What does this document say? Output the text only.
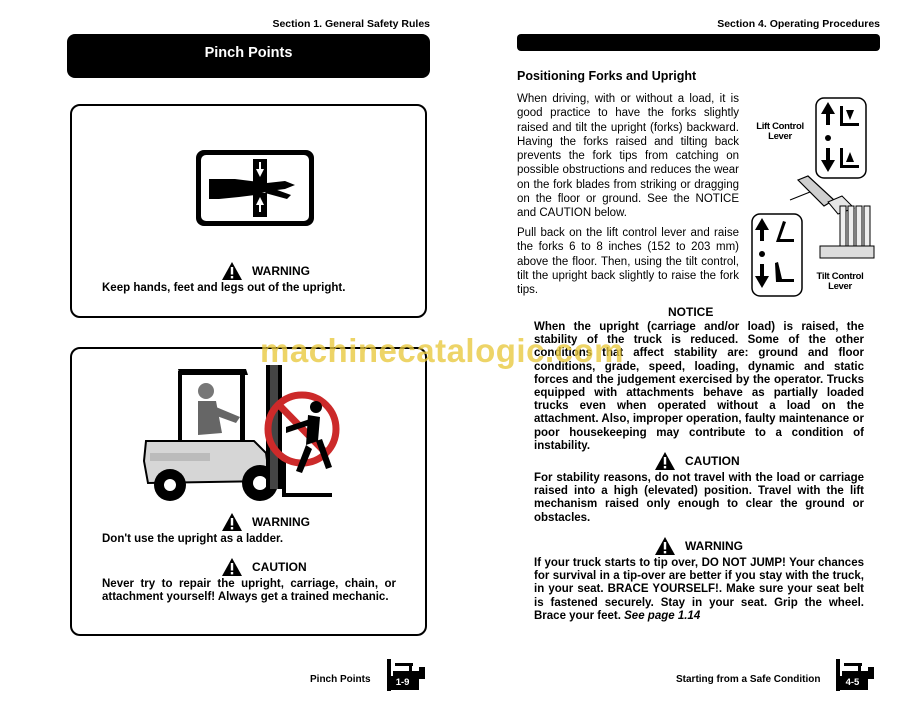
Section 1. General Safety Rules
Pinch Points
WARNING
Keep hands, feet and legs out of the upright.
WARNING
Don't use the upright as a ladder.
CAUTION
Never try to repair the upright, carriage, chain, or attachment yourself! Always get a trained mechanic.
Pinch Points	1-9
Section 4. Operating Procedures
Positioning Forks and Upright
When driving, with or without a load, it is good practice to have the forks slightly raised and tilt the upright (forks) backward. Having the forks raised and tilting back prevents the fork tips from catching on possible obstructions and reduces the wear on the fork blades from striking or dragging on the floor or ground. See the NOTICE and CAUTION below.
Pull back on the lift control lever and raise the forks 6 to 8 inches (152 to 203 mm) above the floor. Then, using the tilt control, tilt the upright back slightly to raise the fork tips.
Lift Control Lever
Tilt Control Lever
NOTICE
When the upright (carriage and/or load) is raised, the stability of the truck is reduced. Some of the other conditions that affect stability are: ground and floor conditions, grade, speed, loading, dynamic and static forces and the judgement exercised by the operator. Trucks equipped with attachments behave as partially loaded trucks even when operated without a load on the attachment. Also, improper operation, faulty maintenance or poor housekeeping may contribute to a condition of instability.
CAUTION
For stability reasons, do not travel with the load or carriage raised into a high (elevated) position. Travel with the lift mechanism raised only enough to clear the ground or obstacles.
WARNING
If your truck starts to tip over, DO NOT JUMP! Your chances for survival in a tip-over are better if you stay with the truck, in your seat. BRACE YOURSELF!. Make sure your seat belt is fastened securely. Stay in your seat. Grip the wheel. Brace your feet. See page 1.14
Starting from a Safe Condition	4-5
machinecatalogic.com
